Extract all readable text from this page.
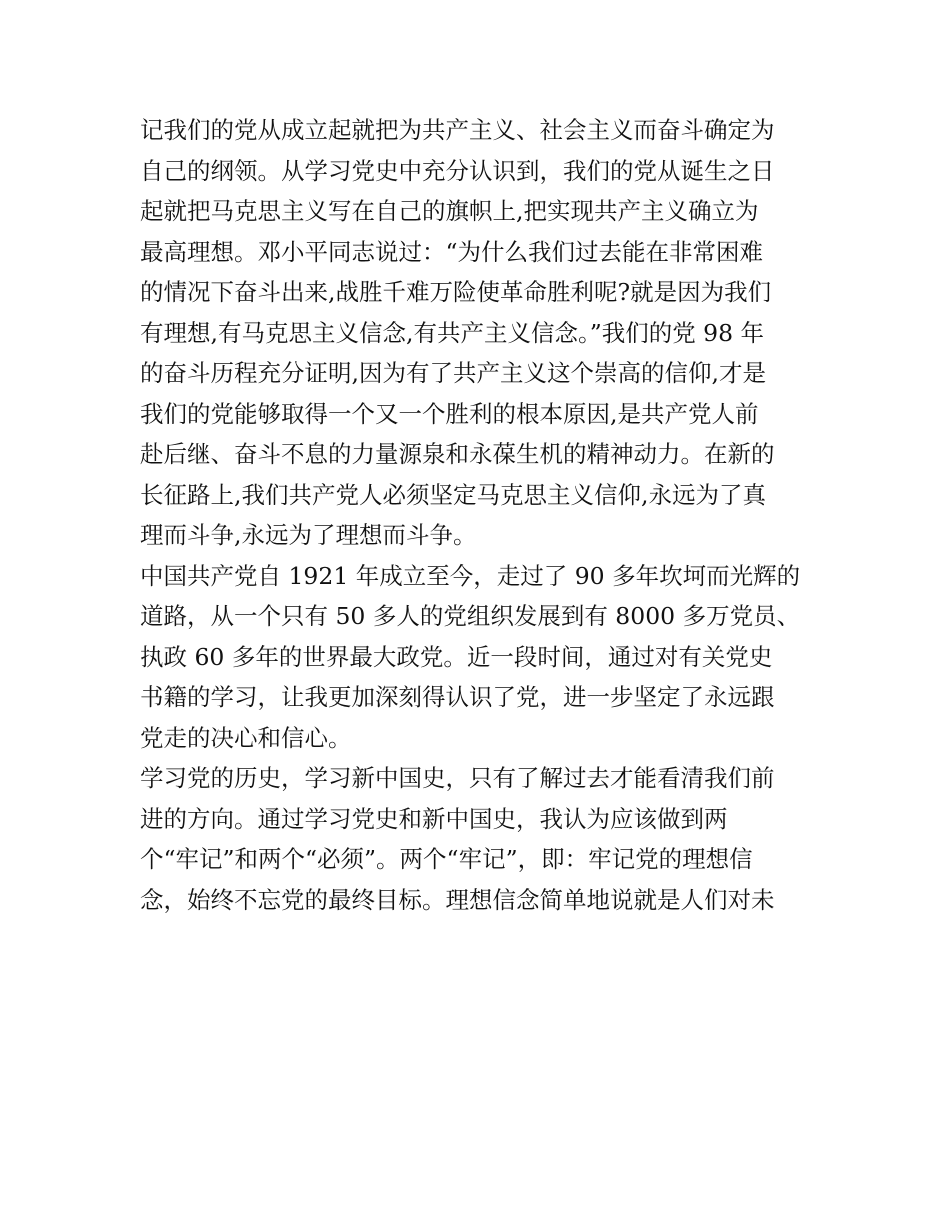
记我们的党从成立起就把为共产主义、社会主义而奋斗确定为
自己的纲领。从学习党史中充分认识到，我们的党从诞生之日
起就把马克思主义写在自己的旗帜上,把实现共产主义确立为
最高理想。邓小平同志说过：“为什么我们过去能在非常困难
的情况下奋斗出来,战胜千难万险使革命胜利呢?就是因为我们
有理想,有马克思主义信念,有共产主义信念。”我们的党 98 年
的奋斗历程充分证明,因为有了共产主义这个崇高的信仰,才是
我们的党能够取得一个又一个胜利的根本原因,是共产党人前
赴后继、奋斗不息的力量源泉和永葆生机的精神动力。在新的
长征路上,我们共产党人必须坚定马克思主义信仰,永远为了真
理而斗争,永远为了理想而斗争。
中国共产党自 1921 年成立至今，走过了 90 多年坎坷而光辉的
道路，从一个只有 50 多人的党组织发展到有 8000 多万党员、
执政 60 多年的世界最大政党。近一段时间，通过对有关党史
书籍的学习，让我更加深刻得认识了党，进一步坚定了永远跟
党走的决心和信心。
学习党的历史，学习新中国史，只有了解过去才能看清我们前
进的方向。通过学习党史和新中国史，我认为应该做到两
个“牢记”和两个“必须”。两个“牢记”，即：牢记党的理想信
念，始终不忘党的最终目标。理想信念简单地说就是人们对未
